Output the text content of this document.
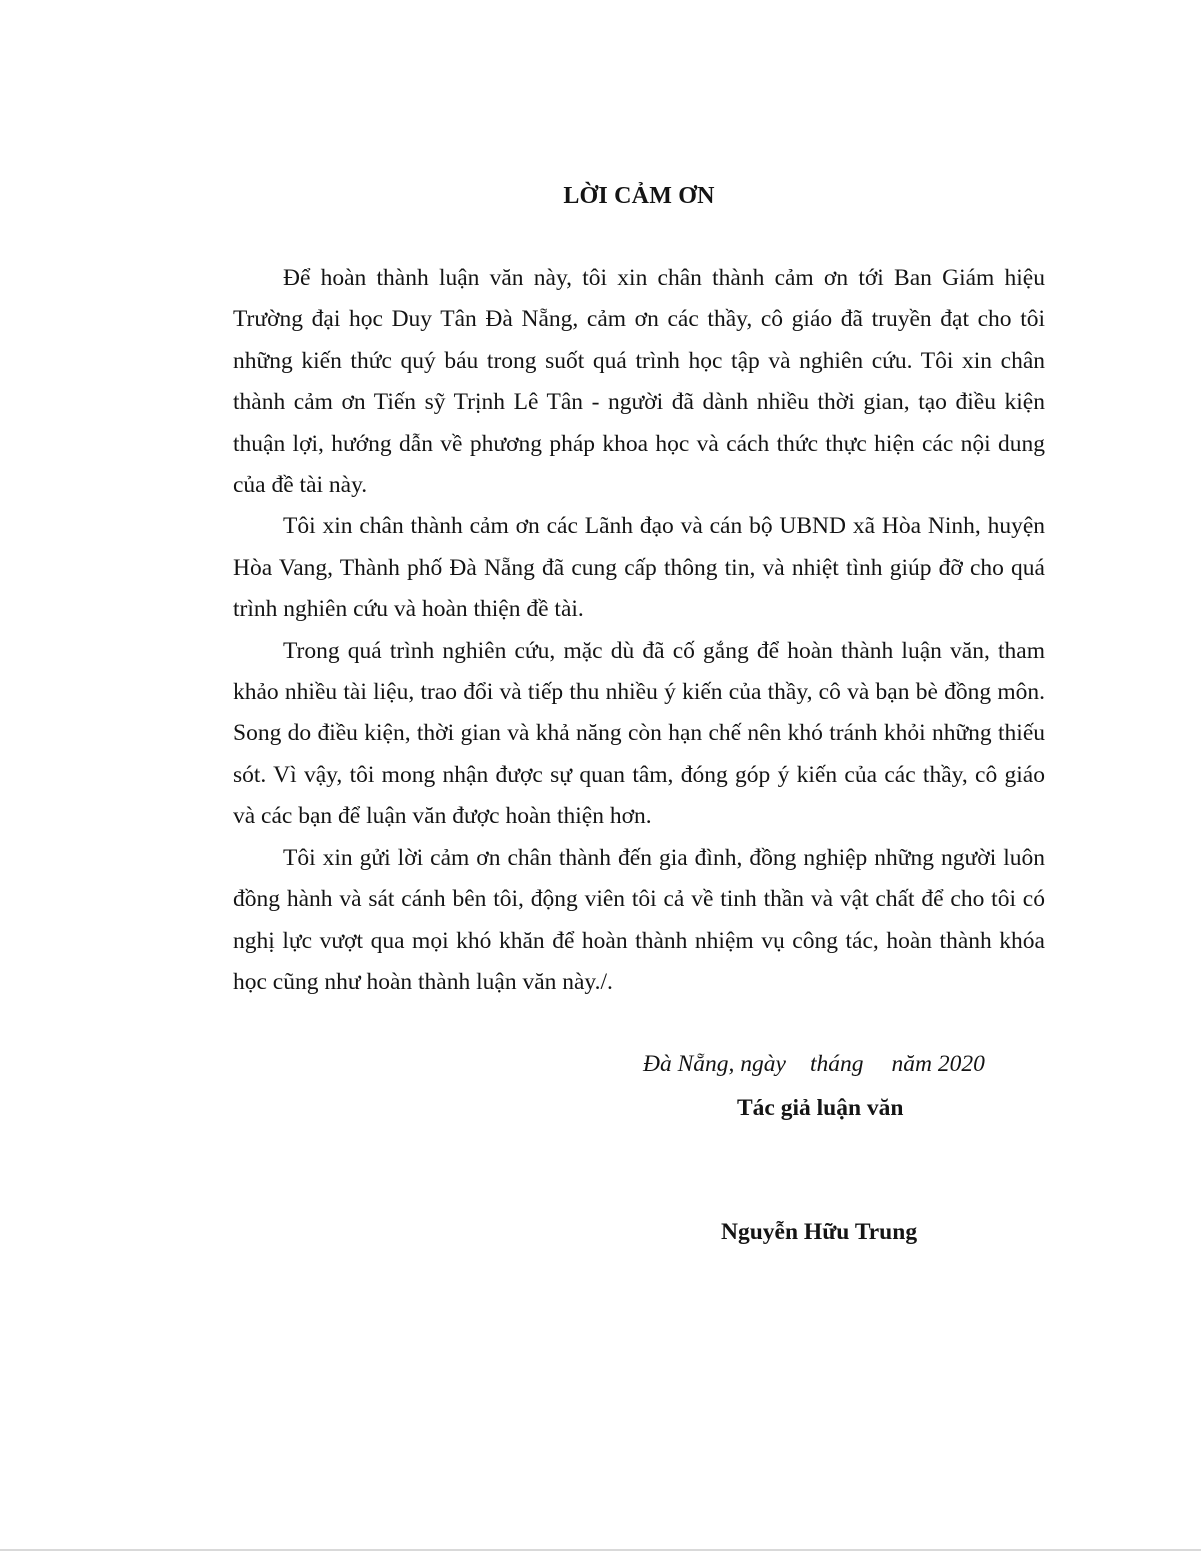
LỜI CẢM ƠN

Để hoàn thành luận văn này, tôi xin chân thành cảm ơn tới Ban Giám hiệu Trường đại học Duy Tân Đà Nẵng, cảm ơn các thầy, cô giáo đã truyền đạt cho tôi những kiến thức quý báu trong suốt quá trình học tập và nghiên cứu. Tôi xin chân thành cảm ơn Tiến sỹ Trịnh Lê Tân - người đã dành nhiều thời gian, tạo điều kiện thuận lợi, hướng dẫn về phương pháp khoa học và cách thức thực hiện các nội dung của đề tài này.

Tôi xin chân thành cảm ơn các Lãnh đạo và cán bộ UBND xã Hòa Ninh, huyện Hòa Vang, Thành phố Đà Nẵng đã cung cấp thông tin, và nhiệt tình giúp đỡ cho quá trình nghiên cứu và hoàn thiện đề tài.

Trong quá trình nghiên cứu, mặc dù đã cố gắng để hoàn thành luận văn, tham khảo nhiều tài liệu, trao đổi và tiếp thu nhiều ý kiến của thầy, cô và bạn bè đồng môn. Song do điều kiện, thời gian và khả năng còn hạn chế nên khó tránh khỏi những thiếu sót. Vì vậy, tôi mong nhận được sự quan tâm, đóng góp ý kiến của các thầy, cô giáo và các bạn để luận văn được hoàn thiện hơn.

Tôi xin gửi lời cảm ơn chân thành đến gia đình, đồng nghiệp những người luôn đồng hành và sát cánh bên tôi, động viên tôi cả về tinh thần và vật chất để cho tôi có nghị lực vượt qua mọi khó khăn để hoàn thành nhiệm vụ công tác, hoàn thành khóa học cũng như hoàn thành luận văn này./.

Đà Nẵng, ngày tháng năm 2020
Tác giả luận văn
Nguyễn Hữu Trung
